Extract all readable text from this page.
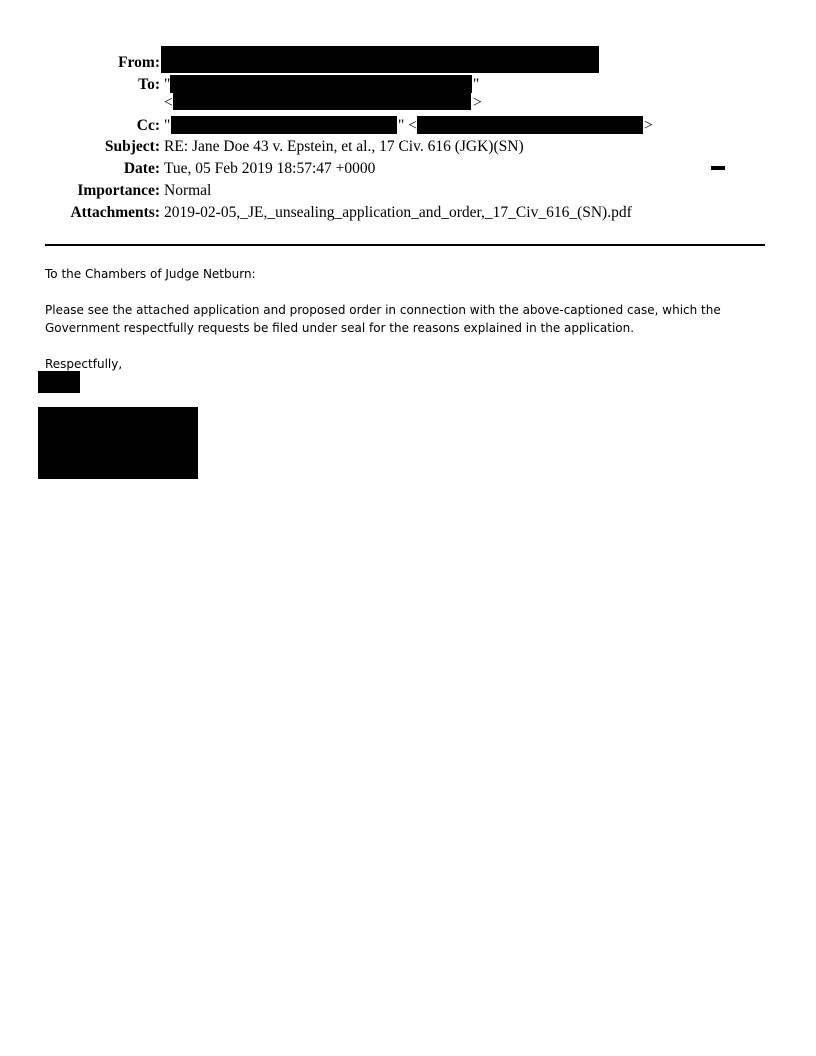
From:
To: "	"
<	>
Cc: "	" <	>
Subject: RE: Jane Doe 43 v. Epstein, et al., 17 Civ. 616 (JGK)(SN)
Date: Tue, 05 Feb 2019 18:57:47 +0000
Importance: Normal
Attachments: 2019-02-05,_JE,_unsealing_application_and_order,_17_Civ_616_(SN).pdf
To the Chambers of Judge Netburn:
Please see the attached application and proposed order in connection with the above-captioned case, which the
Government respectfully requests be filed under seal for the reasons explained in the application.
Respectfully,
